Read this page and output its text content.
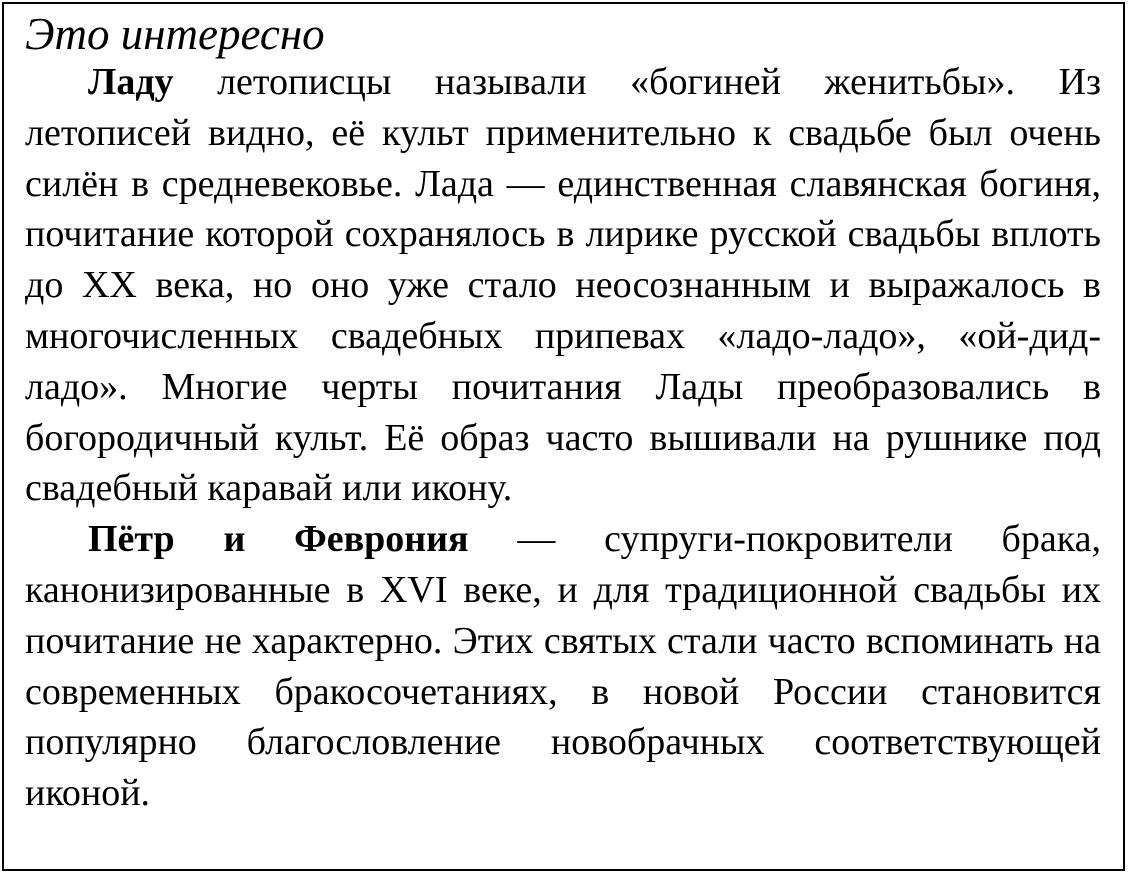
Это интересно

Ладу летописцы называли «богиней женитьбы». Из летописей видно, её культ применительно к свадьбе был очень силён в средневековье. Лада — единственная славянская богиня, почитание которой сохранялось в лирике русской свадьбы вплоть до XX века, но оно уже стало неосознанным и выражалось в многочисленных свадебных припевах «ладо-ладо», «ой-дид-ладо». Многие черты почитания Лады преобразовались в богородичный культ. Её образ часто вышивали на рушнике под свадебный каравай или икону.

Пётр и Феврония — супруги-покровители брака, канонизированные в XVI веке, и для традиционной свадьбы их почитание не характерно. Этих святых стали часто вспоминать на современных бракосочетаниях, в новой России становится популярно благословление новобрачных соответствующей иконой.
